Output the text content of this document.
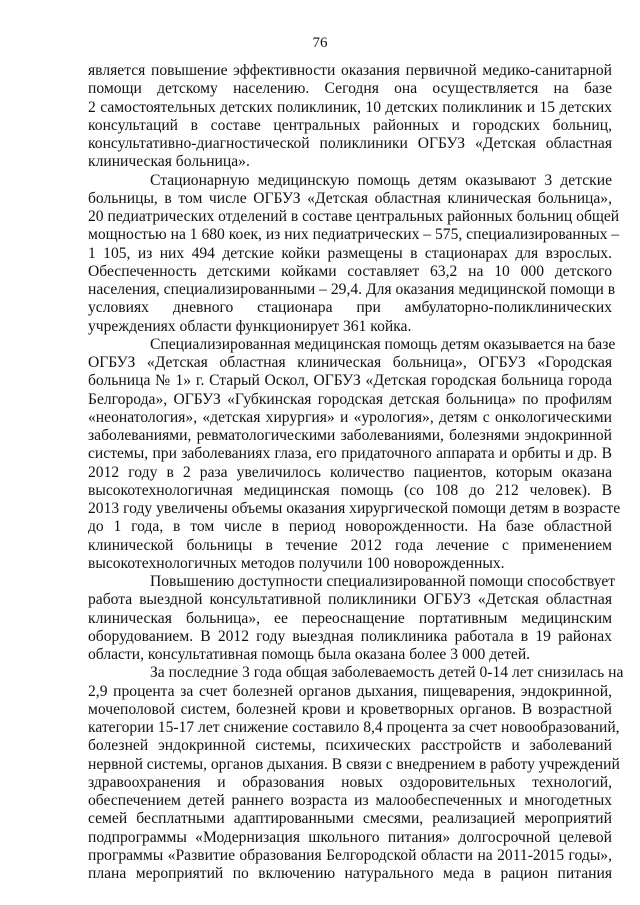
76
является повышение эффективности оказания первичной медико-санитарной
помощи детскому населению. Сегодня она осуществляется на базе
2 самостоятельных детских поликлиник, 10 детских поликлиник и 15 детских
консультаций в составе центральных районных и городских больниц,
консультативно-диагностической поликлиники ОГБУЗ «Детская областная
клиническая больница».
Стационарную медицинскую помощь детям оказывают 3 детские
больницы, в том числе ОГБУЗ «Детская областная клиническая больница»,
20 педиатрических отделений в составе центральных районных больниц общей
мощностью на 1 680 коек, из них педиатрических – 575, специализированных –
1 105, из них 494 детские койки размещены в стационарах для взрослых.
Обеспеченность детскими койками составляет 63,2 на 10 000 детского
населения, специализированными – 29,4. Для оказания медицинской помощи в
условиях дневного стационара при амбулаторно-поликлинических
учреждениях области функционирует 361 койка.
Специализированная медицинская помощь детям оказывается на базе
ОГБУЗ «Детская областная клиническая больница», ОГБУЗ «Городская
больница № 1» г. Старый Оскол, ОГБУЗ «Детская городская больница города
Белгорода», ОГБУЗ «Губкинская городская детская больница» по профилям
«неонатология», «детская хирургия» и «урология», детям с онкологическими
заболеваниями, ревматологическими заболеваниями, болезнями эндокринной
системы, при заболеваниях глаза, его придаточного аппарата и орбиты и др. В
2012 году в 2 раза увеличилось количество пациентов, которым оказана
высокотехнологичная медицинская помощь (со 108 до 212 человек). В
2013 году увеличены объемы оказания хирургической помощи детям в возрасте
до 1 года, в том числе в период новорожденности. На базе областной
клинической больницы в течение 2012 года лечение с применением
высокотехнологичных методов получили 100 новорожденных.
Повышению доступности специализированной помощи способствует
работа выездной консультативной поликлиники ОГБУЗ «Детская областная
клиническая больница», ее переоснащение портативным медицинским
оборудованием. В 2012 году выездная поликлиника работала в 19 районах
области, консультативная помощь была оказана более 3 000 детей.
За последние 3 года общая заболеваемость детей 0-14 лет снизилась на
2,9 процента за счет болезней органов дыхания, пищеварения, эндокринной,
мочеполовой систем, болезней крови и кроветворных органов. В возрастной
категории 15-17 лет снижение составило 8,4 процента за счет новообразований,
болезней эндокринной системы, психических расстройств и заболеваний
нервной системы, органов дыхания. В связи с внедрением в работу учреждений
здравоохранения и образования новых оздоровительных технологий,
обеспечением детей раннего возраста из малообеспеченных и многодетных
семей бесплатными адаптированными смесями, реализацией мероприятий
подпрограммы «Модернизация школьного питания» долгосрочной целевой
программы «Развитие образования Белгородской области на 2011-2015 годы»,
плана мероприятий по включению натурального меда в рацион питания
